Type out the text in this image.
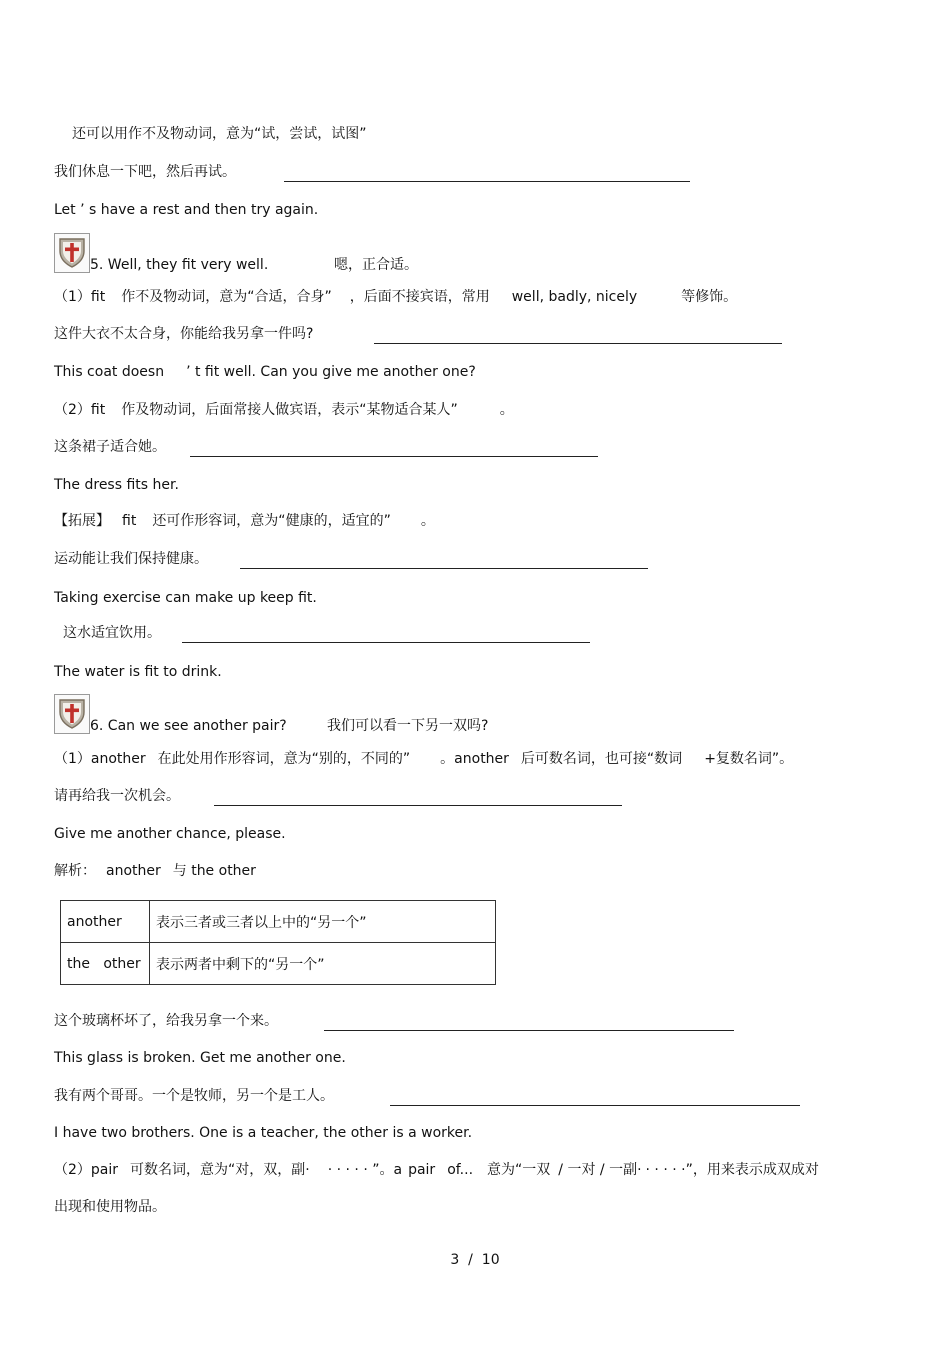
还可以用作不及物动词，意为“试，尝试，试图”
我们休息一下吧，然后再试。
Let ’ s have a rest and then try again.
5. Well, they fit very well.	嗯，正合适。
（1）fit 作不及物动词，意为“合适，合身” ，后面不接宾语，常用 well, badly, nicely	等修饰。
这件大衣不太合身，你能给我另拿一件吗?
This coat doesn ’ t fit well. Can you give me another one?
（2）fit 作及物动词，后面常接人做宾语，表示“某物适合某人”	。
这条裙子适合她。
The dress fits her.
【拓展】 fit 还可作形容词，意为“健康的，适宜的” 。
运动能让我们保持健康。
Taking exercise can make up keep fit.
这水适宜饮用。
The water is fit to drink.
6. Can we see another pair?	我们可以看一下另一双吗?
（1）another 在此处用作形容词，意为“别的，不同的” 。another 后可数名词，也可接“数词 +复数名词”。
请再给我一次机会。
Give me another chance, please.
解析： another 与 the other
another	表示三者或三者以上中的“另一个”
the   other	表示两者中剩下的“另一个”
这个玻璃杯坏了，给我另拿一个来。
This glass is broken. Get me another one.
我有两个哥哥。一个是牧师，另一个是工人。
I have two brothers. One is a teacher, the other is a worker.
（2）pair 可数名词，意为“对，双，副· · · · · · ”。a pair of... 意为“一双 / 一对 / 一副· · · · · ·”，用来表示成双成对
出现和使用物品。
3  /  10
